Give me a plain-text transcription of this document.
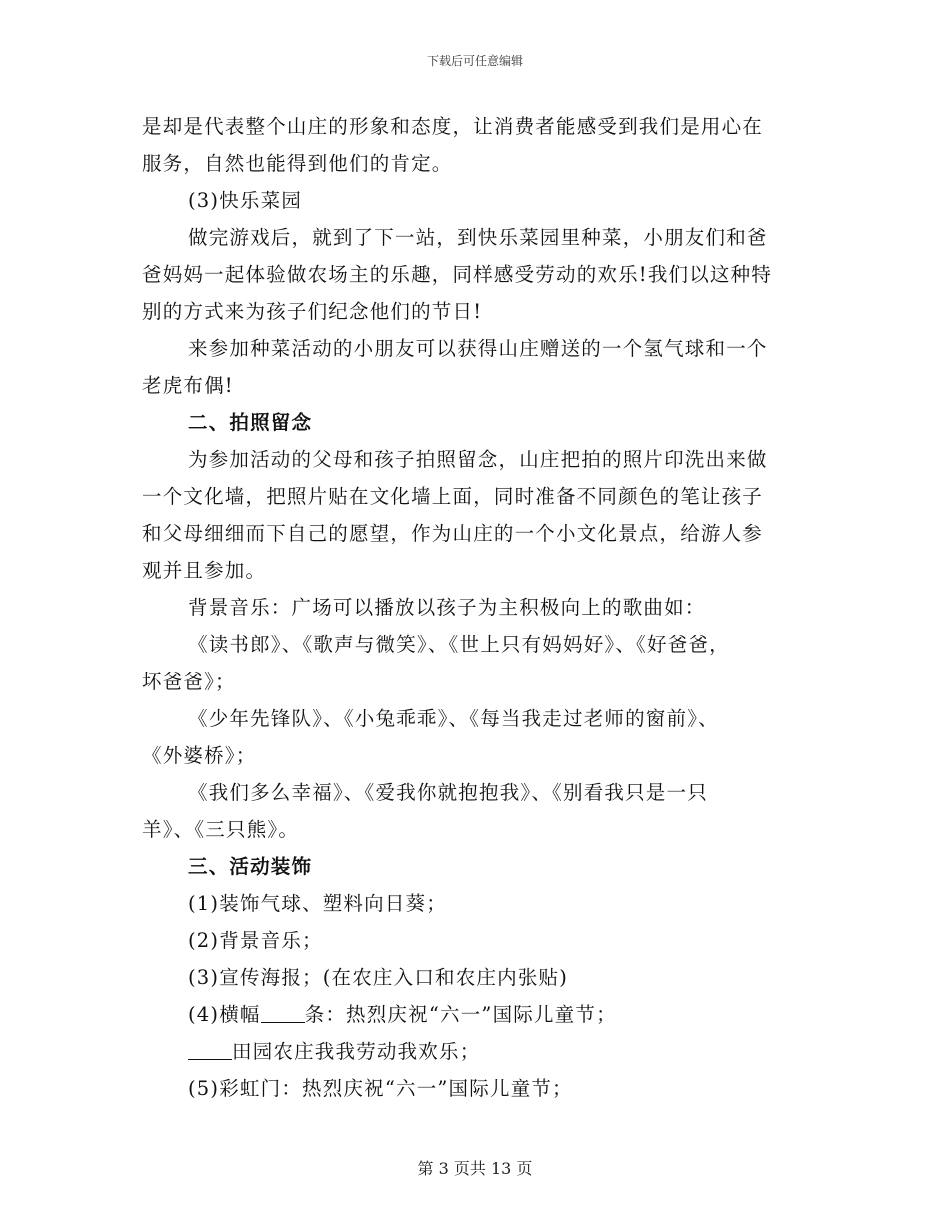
下载后可任意编辑
是却是代表整个山庄的形象和态度，让消费者能感受到我们是用心在
服务，自然也能得到他们的肯定。
(3)快乐菜园
做完游戏后，就到了下一站，到快乐菜园里种菜，小朋友们和爸
爸妈妈一起体验做农场主的乐趣，同样感受劳动的欢乐!我们以这种特
别的方式来为孩子们纪念他们的节日!
来参加种菜活动的小朋友可以获得山庄赠送的一个氢气球和一个
老虎布偶!
二、拍照留念
为参加活动的父母和孩子拍照留念，山庄把拍的照片印洗出来做
一个文化墙，把照片贴在文化墙上面，同时准备不同颜色的笔让孩子
和父母细细而下自己的愿望，作为山庄的一个小文化景点，给游人参
观并且参加。
背景音乐：广场可以播放以孩子为主积极向上的歌曲如：
《读书郎》、《歌声与微笑》、《世上只有妈妈好》、《好爸爸，
坏爸爸》；
《少年先锋队》、《小兔乖乖》、《每当我走过老师的窗前》、
《外婆桥》；
《我们多么幸福》、《爱我你就抱抱我》、《别看我只是一只
羊》、《三只熊》。
三、活动装饰
(1)装饰气球、塑料向日葵；
(2)背景音乐；
(3)宣传海报；(在农庄入口和农庄内张贴)
(4)横幅 条：热烈庆祝“六一”国际儿童节；
田园农庄我我劳动我欢乐；
(5)彩虹门：热烈庆祝“六一”国际儿童节；
第 3 页共 13 页
